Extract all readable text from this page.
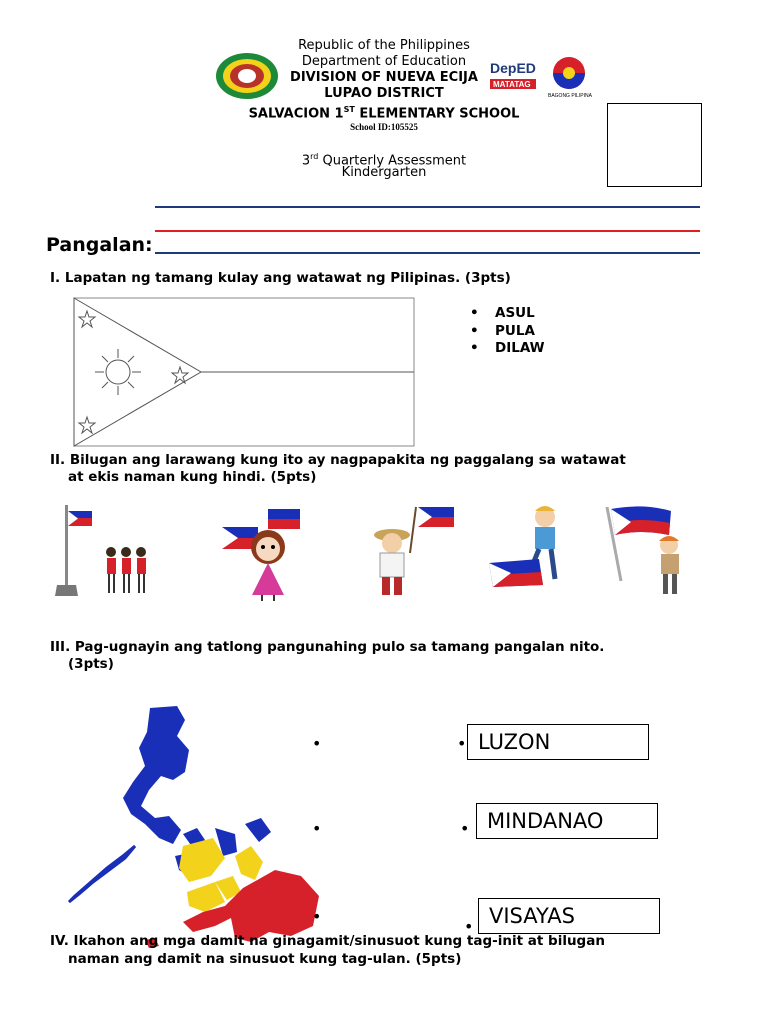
DepED
MATATAG
BAGONG PILIPINAS
Republic of the Philippines
Department of Education
DIVISION OF NUEVA ECIJA
LUPAO DISTRICT
SALVACION 1ST ELEMENTARY SCHOOL
School ID:105525
3rd Quarterly Assessment
Kindergarten
Pangalan:
I. Lapatan ng tamang kulay ang watawat ng Pilipinas. (3pts)
• ASUL
• PULA
• DILAW
II. Bilugan ang larawang kung ito ay nagpapakita ng paggalang sa watawat
at ekis naman kung hindi. (5pts)
III. Pag-ugnayin ang tatlong pangunahing pulo sa tamang pangalan nito.
(3pts)
•
•
•
•
•
•
LUZON
MINDANAO
VISAYAS
IV. Ikahon ang mga damit na ginagamit/sinusuot kung tag-init at bilugan
naman ang damit na sinusuot kung tag-ulan. (5pts)
